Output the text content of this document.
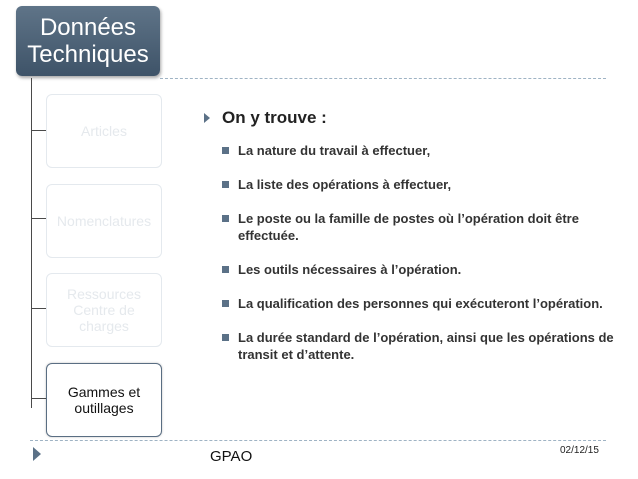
Données
Techniques
Articles
Nomenclatures
Ressources
Centre de
charges
Gammes et
outillages
On y trouve :
La nature du travail à effectuer,
La liste des opérations à effectuer,
Le poste ou la famille de postes où l’opération doit être effectuée.
Les outils nécessaires à l’opération.
La qualification des personnes qui exécuteront l’opération.
La durée standard de l’opération, ainsi que les opérations de transit et d’attente.
GPAO	02/12/15
